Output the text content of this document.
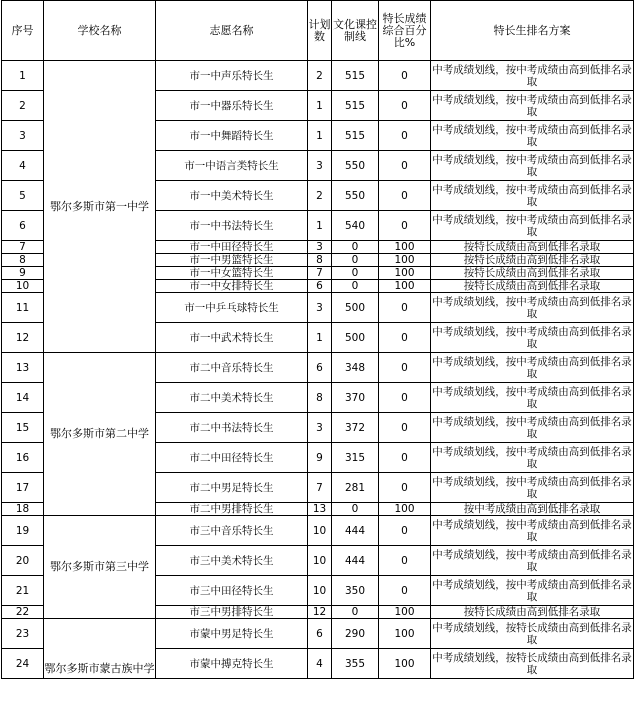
序号	学校名称	志愿名称	计划数	文化课控制线	特长成绩综合百分比%	特长生排名方案
1	鄂尔多斯市第一中学	市一中声乐特长生	2	515	0	中考成绩划线，按中考成绩由高到低排名录取
2		市一中器乐特长生	1	515	0	中考成绩划线，按中考成绩由高到低排名录取
3		市一中舞蹈特长生	1	515	0	中考成绩划线，按中考成绩由高到低排名录取
4		市一中语言类特长生	3	550	0	中考成绩划线，按中考成绩由高到低排名录取
5		市一中美术特长生	2	550	0	中考成绩划线，按中考成绩由高到低排名录取
6		市一中书法特长生	1	540	0	中考成绩划线，按中考成绩由高到低排名录取
7		市一中田径特长生	3	0	100	按特长成绩由高到低排名录取
8		市一中男篮特长生	8	0	100	按特长成绩由高到低排名录取
9		市一中女篮特长生	7	0	100	按特长成绩由高到低排名录取
10		市一中女排特长生	6	0	100	按特长成绩由高到低排名录取
11		市一中乒乓球特长生	3	500	0	中考成绩划线，按中考成绩由高到低排名录取
12		市一中武术特长生	1	500	0	中考成绩划线，按中考成绩由高到低排名录取
13	鄂尔多斯市第二中学	市二中音乐特长生	6	348	0	中考成绩划线，按中考成绩由高到低排名录取
14		市二中美术特长生	8	370	0	中考成绩划线，按中考成绩由高到低排名录取
15		市二中书法特长生	3	372	0	中考成绩划线，按中考成绩由高到低排名录取
16		市二中田径特长生	9	315	0	中考成绩划线，按中考成绩由高到低排名录取
17		市二中男足特长生	7	281	0	中考成绩划线，按中考成绩由高到低排名录取
18		市二中男排特长生	13	0	100	按中考成绩由高到低排名录取
19	鄂尔多斯市第三中学	市三中音乐特长生	10	444	0	中考成绩划线，按中考成绩由高到低排名录取
20		市三中美术特长生	10	444	0	中考成绩划线，按中考成绩由高到低排名录取
21		市三中田径特长生	10	350	0	中考成绩划线，按中考成绩由高到低排名录取
22		市三中男排特长生	12	0	100	按特长成绩由高到低排名录取
23	鄂尔多斯市蒙古族中学	市蒙中男足特长生	6	290	100	中考成绩划线，按特长成绩由高到低排名录取
24		市蒙中搏克特长生	4	355	100	中考成绩划线，按特长成绩由高到低排名录取
